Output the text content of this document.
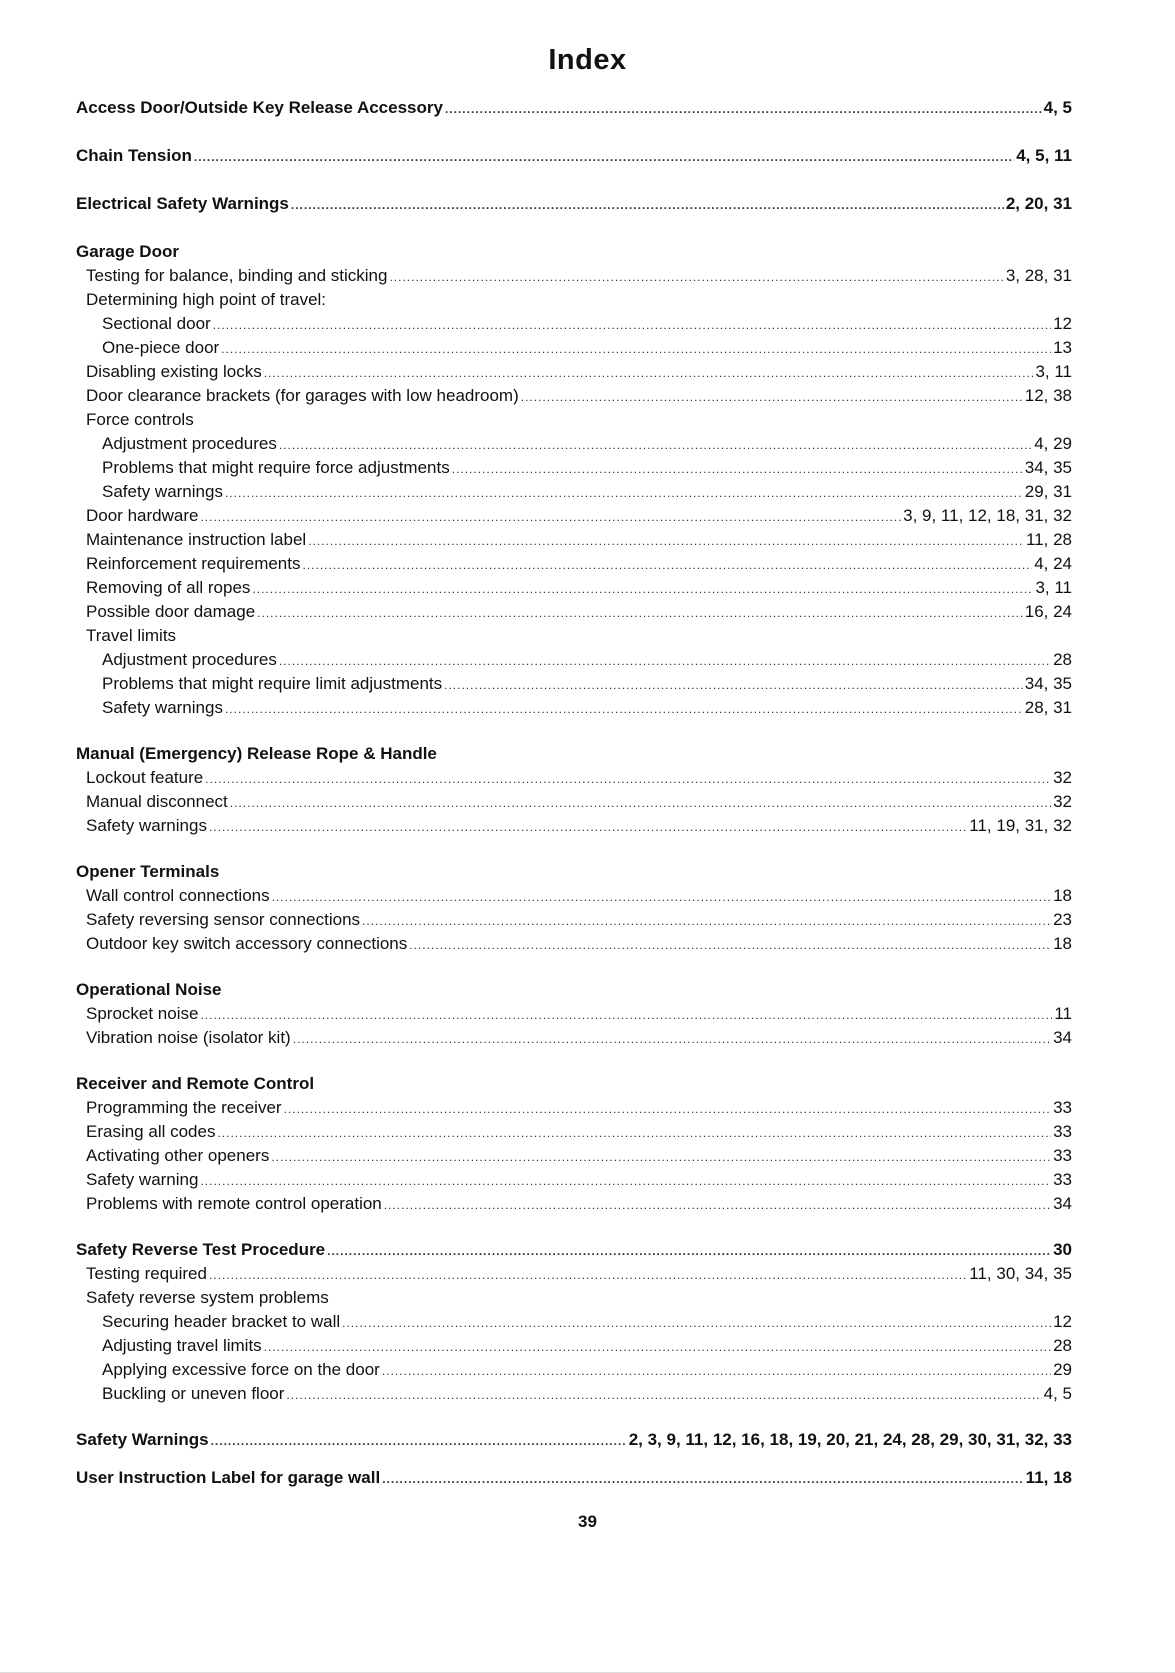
Index
Access Door/Outside Key Release Accessory .....	4, 5
Chain Tension .....	4, 5, 11
Electrical Safety Warnings .....	2, 20, 31
Garage Door
Testing for balance, binding and sticking .....	3, 28, 31
Determining high point of travel:
Sectional door .....	12
One-piece door .....	13
Disabling existing locks .....	3, 11
Door clearance brackets (for garages with low headroom) .....	12, 38
Force controls
Adjustment procedures .....	4, 29
Problems that might require force adjustments .....	34, 35
Safety warnings .....	29, 31
Door hardware .....	3, 9, 11, 12, 18, 31, 32
Maintenance instruction label .....	11, 28
Reinforcement requirements .....	4, 24
Removing of all ropes .....	3, 11
Possible door damage .....	16, 24
Travel limits
Adjustment procedures .....	28
Problems that might require limit adjustments .....	34, 35
Safety warnings .....	28, 31
Manual (Emergency) Release Rope & Handle
Lockout feature .....	32
Manual disconnect .....	32
Safety warnings .....	11, 19, 31, 32
Opener Terminals
Wall control connections .....	18
Safety reversing sensor connections .....	23
Outdoor key switch accessory connections .....	18
Operational Noise
Sprocket noise .....	11
Vibration noise (isolator kit) .....	34
Receiver and Remote Control
Programming the receiver .....	33
Erasing all codes .....	33
Activating other openers .....	33
Safety warning .....	33
Problems with remote control operation .....	34
Safety Reverse Test Procedure .....	30
Testing required .....	11, 30, 34, 35
Safety reverse system problems
Securing header bracket to wall .....	12
Adjusting travel limits .....	28
Applying excessive force on the door .....	29
Buckling or uneven floor .....	4, 5
Safety Warnings .....	2, 3, 9, 11, 12, 16, 18, 19, 20, 21, 24, 28, 29, 30, 31, 32, 33
User Instruction Label for garage wall .....	11, 18
39
